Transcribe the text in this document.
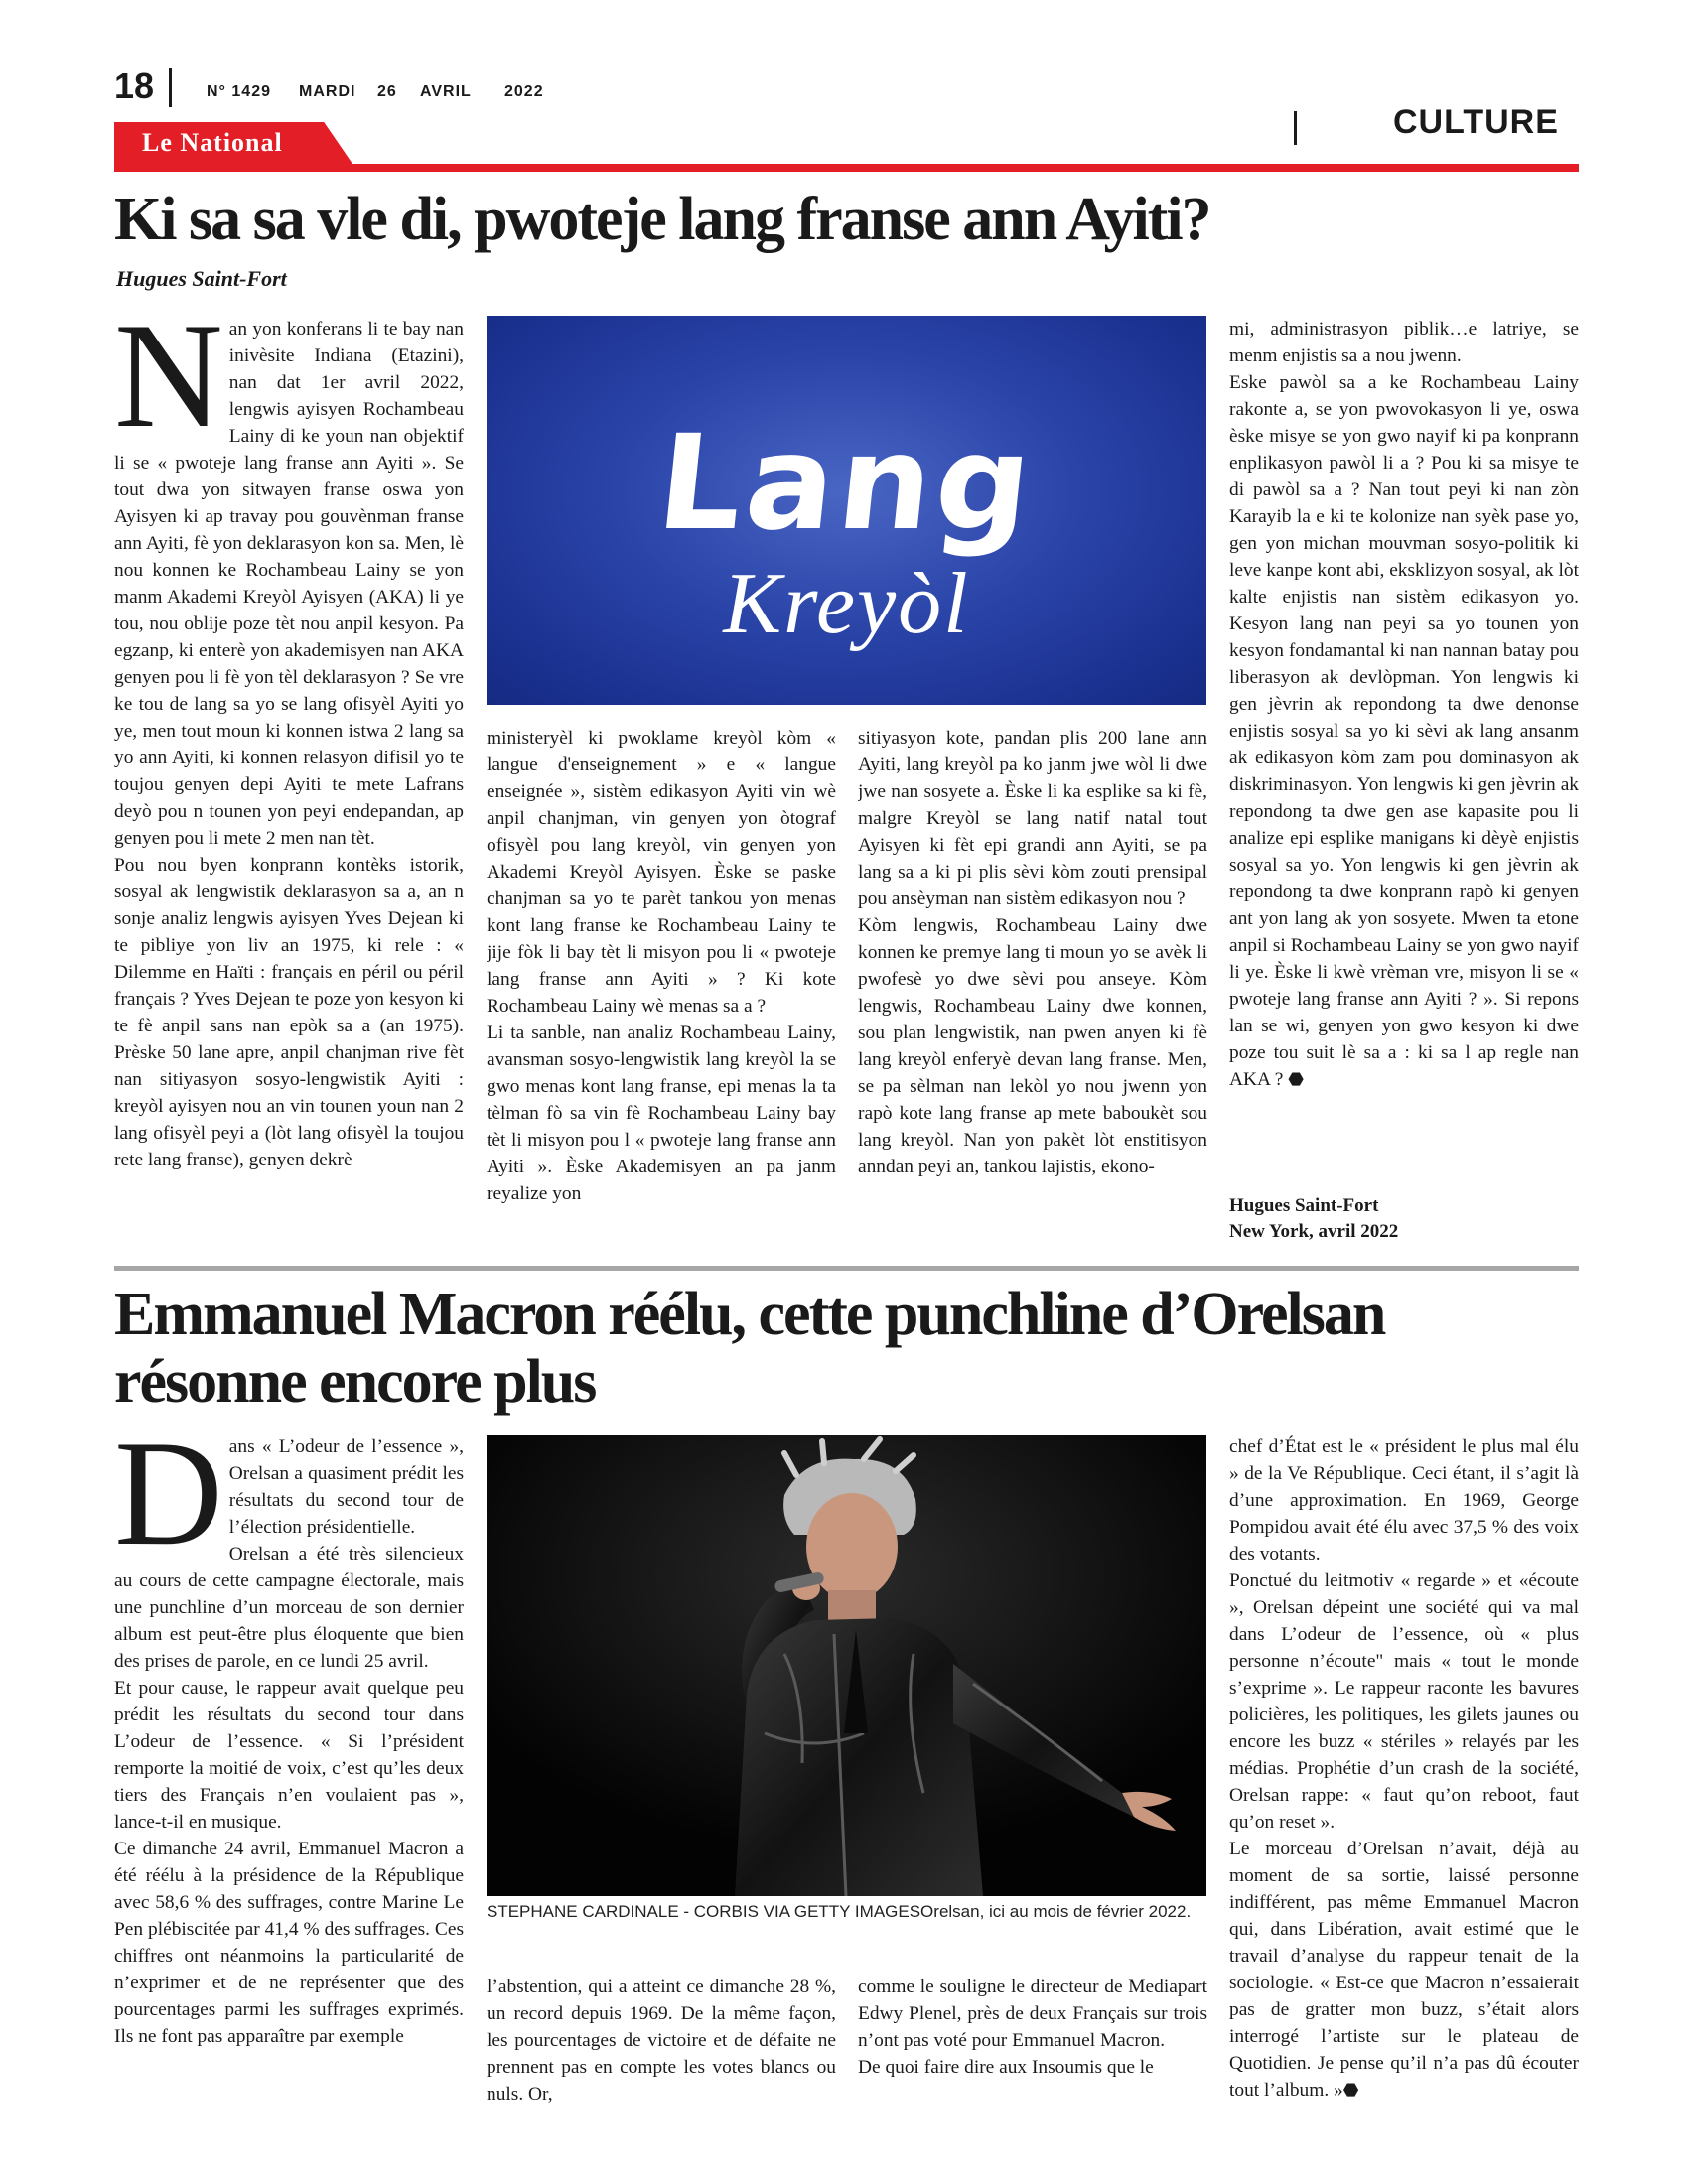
18	N° 1429 MARDI 26 AVRIL 2022
CULTURE
Le National
Ki sa sa vle di, pwoteje lang franse ann Ayiti?
Hugues Saint-Fort
N an yon konferans li te bay nan inivèsite Indiana (Etazini), nan dat 1er avril 2022, lengwis ayisyen Rochambeau Lainy di ke youn nan objektif li se « pwoteje lang franse ann Ayiti ». Se tout dwa yon sitwayen franse oswa yon Ayisyen ki ap travay pou gouvènman franse ann Ayiti, fè yon deklarasyon kon sa. Men, lè nou konnen ke Rochambeau Lainy se yon manm Akademi Kreyòl Ayisyen (AKA) li ye tou, nou oblije poze tèt nou anpil kesyon. Pa egzanp, ki enterè yon akademisyen nan AKA genyen pou li fè yon tèl deklarasyon ? Se vre ke tou de lang sa yo se lang ofisyèl Ayiti yo ye, men tout moun ki konnen istwa 2 lang sa yo ann Ayiti, ki konnen relasyon difisil yo te toujou genyen depi Ayiti te mete Lafrans deyò pou n tounen yon peyi endepandan, ap genyen pou li mete 2 men nan tèt.

Pou nou byen konprann kontèks istorik, sosyal ak lengwistik deklarasyon sa a, an n sonje analiz lengwis ayisyen Yves Dejean ki te pibliye yon liv an 1975, ki rele : « Dilemme en Haïti : français en péril ou péril français ? Yves Dejean te poze yon kesyon ki te fè anpil sans nan epòk sa a (an 1975). Prèske 50 lane apre, anpil chanjman rive fèt nan sitiyasyon sosyo-lengwistik Ayiti : kreyòl ayisyen nou an vin tounen youn nan 2 lang ofisyèl peyi a (lòt lang ofisyèl la toujou rete lang franse), genyen dekrè

Lang
Kreyòl

ministeryèl ki pwoklame kreyòl kòm « langue d'enseignement » e « langue enseignée », sistèm edikasyon Ayiti vin wè anpil chanjman, vin genyen yon òtograf ofisyèl pou lang kreyòl, vin genyen yon Akademi Kreyòl Ayisyen. Èske se paske chanjman sa yo te parèt tankou yon menas kont lang franse ke Rochambeau Lainy te jije fòk li bay tèt li misyon pou li « pwoteje lang franse ann Ayiti » ? Ki kote Rochambeau Lainy wè menas sa a ?

Li ta sanble, nan analiz Rochambeau Lainy, avansman sosyo-lengwistik lang kreyòl la se gwo menas kont lang franse, epi menas la ta tèlman fò sa vin fè Rochambeau Lainy bay tèt li misyon pou l « pwoteje lang franse ann Ayiti ». Èske Akademisyen an pa janm reyalize yon

sitiyasyon kote, pandan plis 200 lane ann Ayiti, lang kreyòl pa ko janm jwe wòl li dwe jwe nan sosyete a. Èske li ka esplike sa ki fè, malgre Kreyòl se lang natif natal tout Ayisyen ki fèt epi grandi ann Ayiti, se pa lang sa a ki pi plis sèvi kòm zouti prensipal pou ansèyman nan sistèm edikasyon nou ?

Kòm lengwis, Rochambeau Lainy dwe konnen ke premye lang ti moun yo se avèk li pwofesè yo dwe sèvi pou anseye. Kòm lengwis, Rochambeau Lainy dwe konnen, sou plan lengwistik, nan pwen anyen ki fè lang kreyòl enferyè devan lang franse. Men, se pa sèlman nan lekòl yo nou jwenn yon rapò kote lang franse ap mete baboukèt sou lang kreyòl. Nan yon pakèt lòt enstitisyon anndan peyi an, tankou lajistis, ekono-

mi, administrasyon piblik…e latriye, se menm enjistis sa a nou jwenn.

Eske pawòl sa a ke Rochambeau Lainy rakonte a, se yon pwovokasyon li ye, oswa èske misye se yon gwo nayif ki pa konprann enplikasyon pawòl li a ? Pou ki sa misye te di pawòl sa a ? Nan tout peyi ki nan zòn Karayib la e ki te kolonize nan syèk pase yo, gen yon michan mouvman sosyo-politik ki leve kanpe kont abi, eksklizyon sosyal, ak lòt kalte enjistis nan sistèm edikasyon yo. Kesyon lang nan peyi sa yo tounen yon kesyon fondamantal ki nan nannan batay pou liberasyon ak devlòpman. Yon lengwis ki gen jèvrin ak repondong ta dwe denonse enjistis sosyal sa yo ki sèvi ak lang ansanm ak edikasyon kòm zam pou dominasyon ak diskriminasyon. Yon lengwis ki gen jèvrin ak repondong ta dwe gen ase kapasite pou li analize epi esplike manigans ki dèyè enjistis sosyal sa yo. Yon lengwis ki gen jèvrin ak repondong ta dwe konprann rapò ki genyen ant yon lang ak yon sosyete. Mwen ta etone anpil si Rochambeau Lainy se yon gwo nayif li ye. Èske li kwè vrèman vre, misyon li se « pwoteje lang franse ann Ayiti ? ». Si repons lan se wi, genyen yon gwo kesyon ki dwe poze tou suit lè sa a : ki sa l ap regle nan AKA ? ⬣

Hugues Saint-Fort
New York, avril 2022
Emmanuel Macron réélu, cette punchline d’Orelsan résonne encore plus
D ans « L’odeur de l’essence », Orelsan a quasiment prédit les résultats du second tour de l’élection présidentielle.

Orelsan a été très silencieux au cours de cette campagne électorale, mais une punchline d’un morceau de son dernier album est peut-être plus éloquente que bien des prises de parole, en ce lundi 25 avril.

Et pour cause, le rappeur avait quelque peu prédit les résultats du second tour dans L’odeur de l’essence. « Si l’président remporte la moitié de voix, c’est qu’les deux tiers des Français n’en voulaient pas », lance-t-il en musique.

Ce dimanche 24 avril, Emmanuel Macron a été réélu à la présidence de la République avec 58,6 % des suffrages, contre Marine Le Pen plébiscitée par 41,4 % des suffrages. Ces chiffres ont néanmoins la particularité de n’exprimer et de ne représenter que des pourcentages parmi les suffrages exprimés. Ils ne font pas apparaître par exemple

STEPHANE CARDINALE - CORBIS VIA GETTY IMAGESOrelsan, ici au mois de février 2022.

l’abstention, qui a atteint ce dimanche 28 %, un record depuis 1969. De la même façon, les pourcentages de victoire et de défaite ne prennent pas en compte les votes blancs ou nuls. Or,

comme le souligne le directeur de Mediapart Edwy Plenel, près de deux Français sur trois n’ont pas voté pour Emmanuel Macron.

De quoi faire dire aux Insoumis que le

chef d’État est le « président le plus mal élu » de la Ve République. Ceci étant, il s’agit là d’une approximation. En 1969, George Pompidou avait été élu avec 37,5 % des voix des votants.

Ponctué du leitmotiv « regarde » et «écoute », Orelsan dépeint une société qui va mal dans L’odeur de l’essence, où « plus personne n’écoute" mais « tout le monde s’exprime ». Le rappeur raconte les bavures policières, les politiques, les gilets jaunes ou encore les buzz « stériles » relayés par les médias. Prophétie d’un crash de la société, Orelsan rappe: « faut qu’on reboot, faut qu’on reset ».

Le morceau d’Orelsan n’avait, déjà au moment de sa sortie, laissé personne indifférent, pas même Emmanuel Macron qui, dans Libération, avait estimé que le travail d’analyse du rappeur tenait de la sociologie. « Est-ce que Macron n’essaierait pas de gratter mon buzz, s’était alors interrogé l’artiste sur le plateau de Quotidien. Je pense qu’il n’a pas dû écouter tout l’album. »⬣
